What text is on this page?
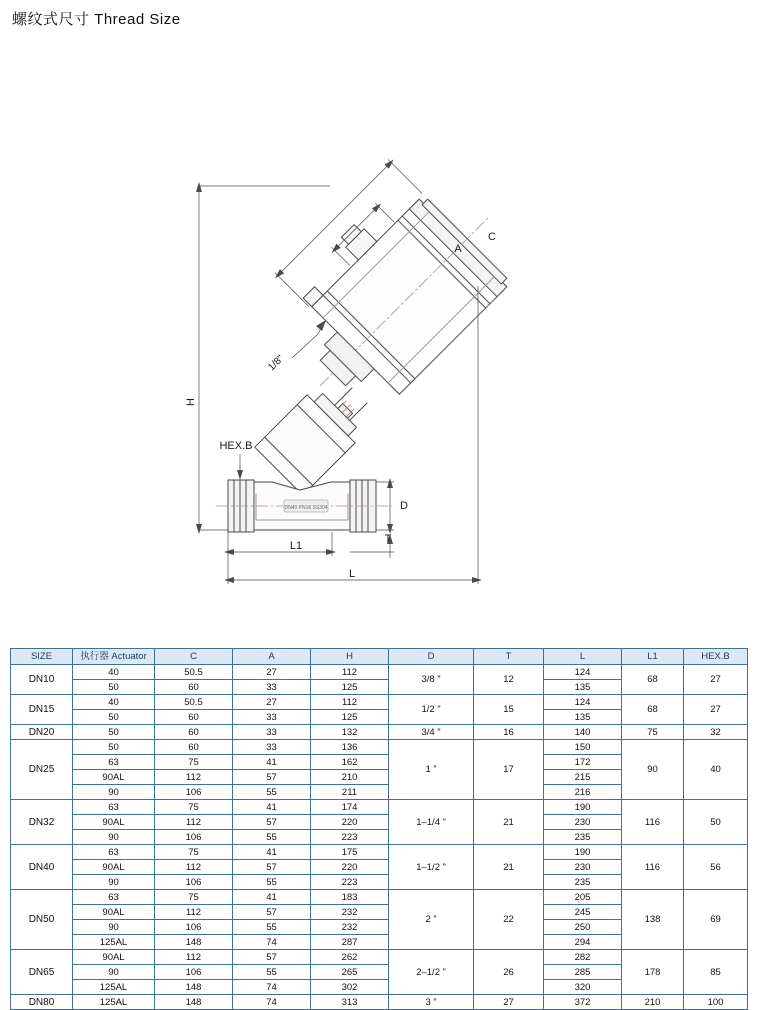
螺纹式尺寸 Thread Size
DN40 PN16 SS304
H
C
A
D
T
L1
L
HEX.B
1/8"
SIZE	执行器 Actuator	C	A	H	D	T	L	L1	HEX.B
DN10	40	50.5	27	112	3/8 ”	12	124	68	27
	50	60	33	125			135		
DN15	40	50.5	27	112	1/2 ”	15	124	68	27
	50	60	33	125			135		
DN20	50	60	33	132	3/4 ”	16	140	75	32
DN25	50	60	33	136	1 ”	17	150	90	40
	63	75	41	162			172		
	90AL	112	57	210			215		
	90	106	55	211			216		
DN32	63	75	41	174	1–1/4 ”	21	190	116	50
	90AL	112	57	220			230		
	90	106	55	223			235		
DN40	63	75	41	175	1–1/2 ”	21	190	116	56
	90AL	112	57	220			230		
	90	106	55	223			235		
DN50	63	75	41	183	2 ”	22	205	138	69
	90AL	112	57	232			245		
	90	106	55	232			250		
	125AL	148	74	287			294		
DN65	90AL	112	57	262	2–1/2 ”	26	282	178	85
	90	106	55	265			285		
	125AL	148	74	302			320		
DN80	125AL	148	74	313	3 ”	27	372	210	100
